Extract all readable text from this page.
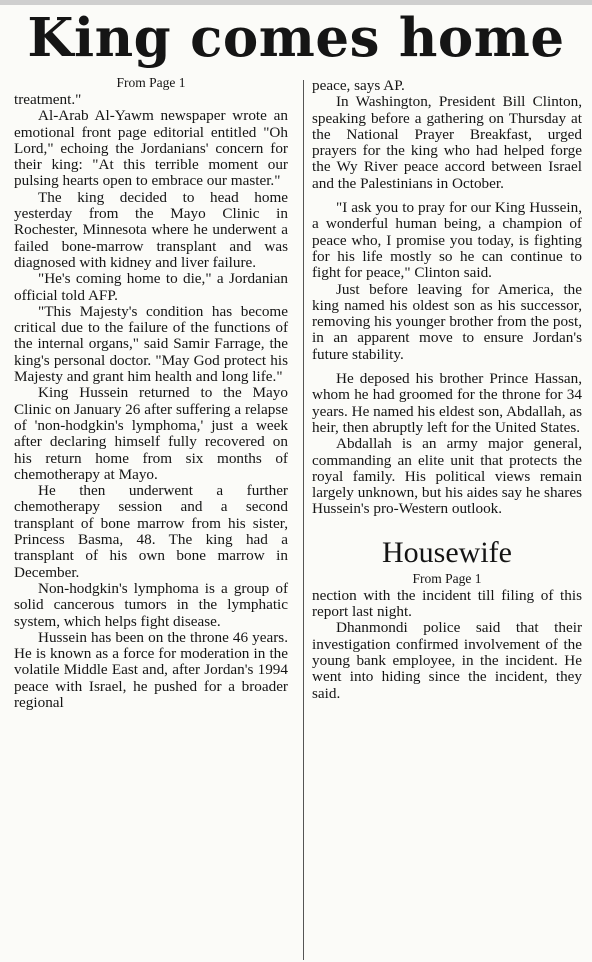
King comes home
From Page 1

treatment."

Al-Arab Al-Yawm newspaper wrote an emotional front page editorial entitled "Oh Lord," echoing the Jordanians' concern for their king: "At this terrible moment our pulsing hearts open to embrace our master."

The king decided to head home yesterday from the Mayo Clinic in Rochester, Minnesota where he underwent a failed bone-marrow transplant and was diagnosed with kidney and liver failure.

"He's coming home to die," a Jordanian official told AFP.

"This Majesty's condition has become critical due to the failure of the functions of the internal organs," said Samir Farrage, the king's personal doctor. "May God protect his Majesty and grant him health and long life."

King Hussein returned to the Mayo Clinic on January 26 after suffering a relapse of 'non-hodgkin's lymphoma,' just a week after declaring himself fully recovered on his return home from six months of chemotherapy at Mayo.

He then underwent a further chemotherapy session and a second transplant of bone marrow from his sister, Princess Basma, 48. The king had a transplant of his own bone marrow in December.

Non-hodgkin's lymphoma is a group of solid cancerous tumors in the lymphatic system, which helps fight disease.

Hussein has been on the throne 46 years. He is known as a force for moderation in the volatile Middle East and, after Jordan's 1994 peace with Israel, he pushed for a broader regional

peace, says AP.

In Washington, President Bill Clinton, speaking before a gathering on Thursday at the National Prayer Breakfast, urged prayers for the king who had helped forge the Wy River peace accord between Israel and the Palestinians in October.

"I ask you to pray for our King Hussein, a wonderful human being, a champion of peace who, I promise you today, is fighting for his life mostly so he can continue to fight for peace," Clinton said.

Just before leaving for America, the king named his oldest son as his successor, removing his younger brother from the post, in an apparent move to ensure Jordan's future stability.

He deposed his brother Prince Hassan, whom he had groomed for the throne for 34 years. He named his eldest son, Abdallah, as heir, then abruptly left for the United States.

Abdallah is an army major general, commanding an elite unit that protects the royal family. His political views remain largely unknown, but his aides say he shares Hussein's pro-Western outlook.

Housewife
From Page 1

nection with the incident till filing of this report last night.

Dhanmondi police said that their investigation confirmed involvement of the young bank employee, in the incident. He went into hiding since the incident, they said.
